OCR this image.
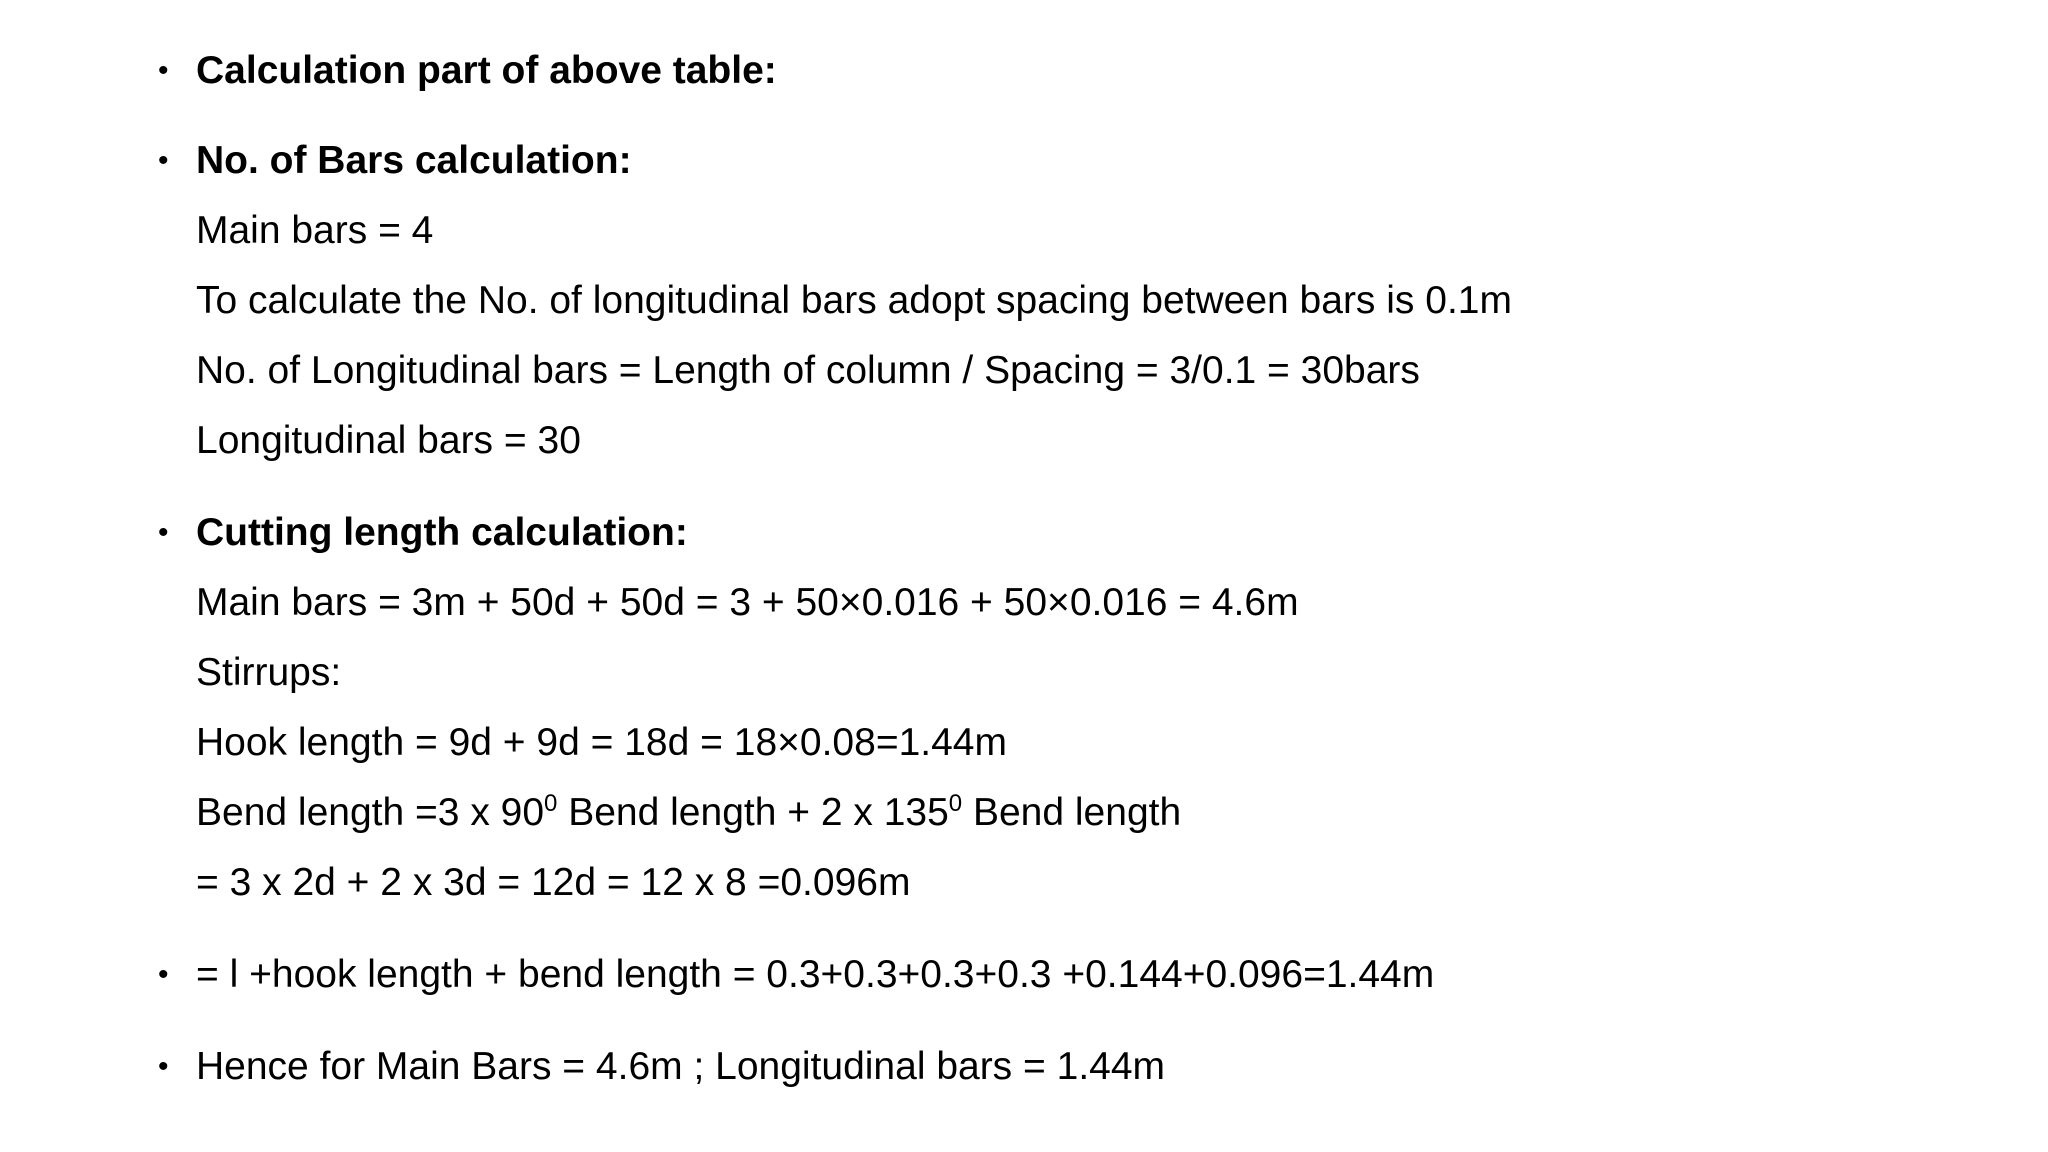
• Calculation part of above table:
• No. of Bars calculation:
Main bars = 4
To calculate the No. of longitudinal bars adopt spacing between bars is 0.1m
No. of Longitudinal bars = Length of column / Spacing = 3/0.1 = 30bars
Longitudinal bars = 30
• Cutting length calculation:
Main bars = 3m + 50d + 50d = 3 + 50×0.016 + 50×0.016 = 4.6m
Stirrups:
Hook length = 9d + 9d = 18d = 18×0.08=1.44m
Bend length =3 x $90^0$ Bend length + 2 x $135^0$ Bend length
= 3 x 2d + 2 x 3d = 12d = 12 x 8 =0.096m
• = l +hook length + bend length = 0.3+0.3+0.3+0.3 +0.144+0.096=1.44m
• Hence for Main Bars = 4.6m ; Longitudinal bars = 1.44m
